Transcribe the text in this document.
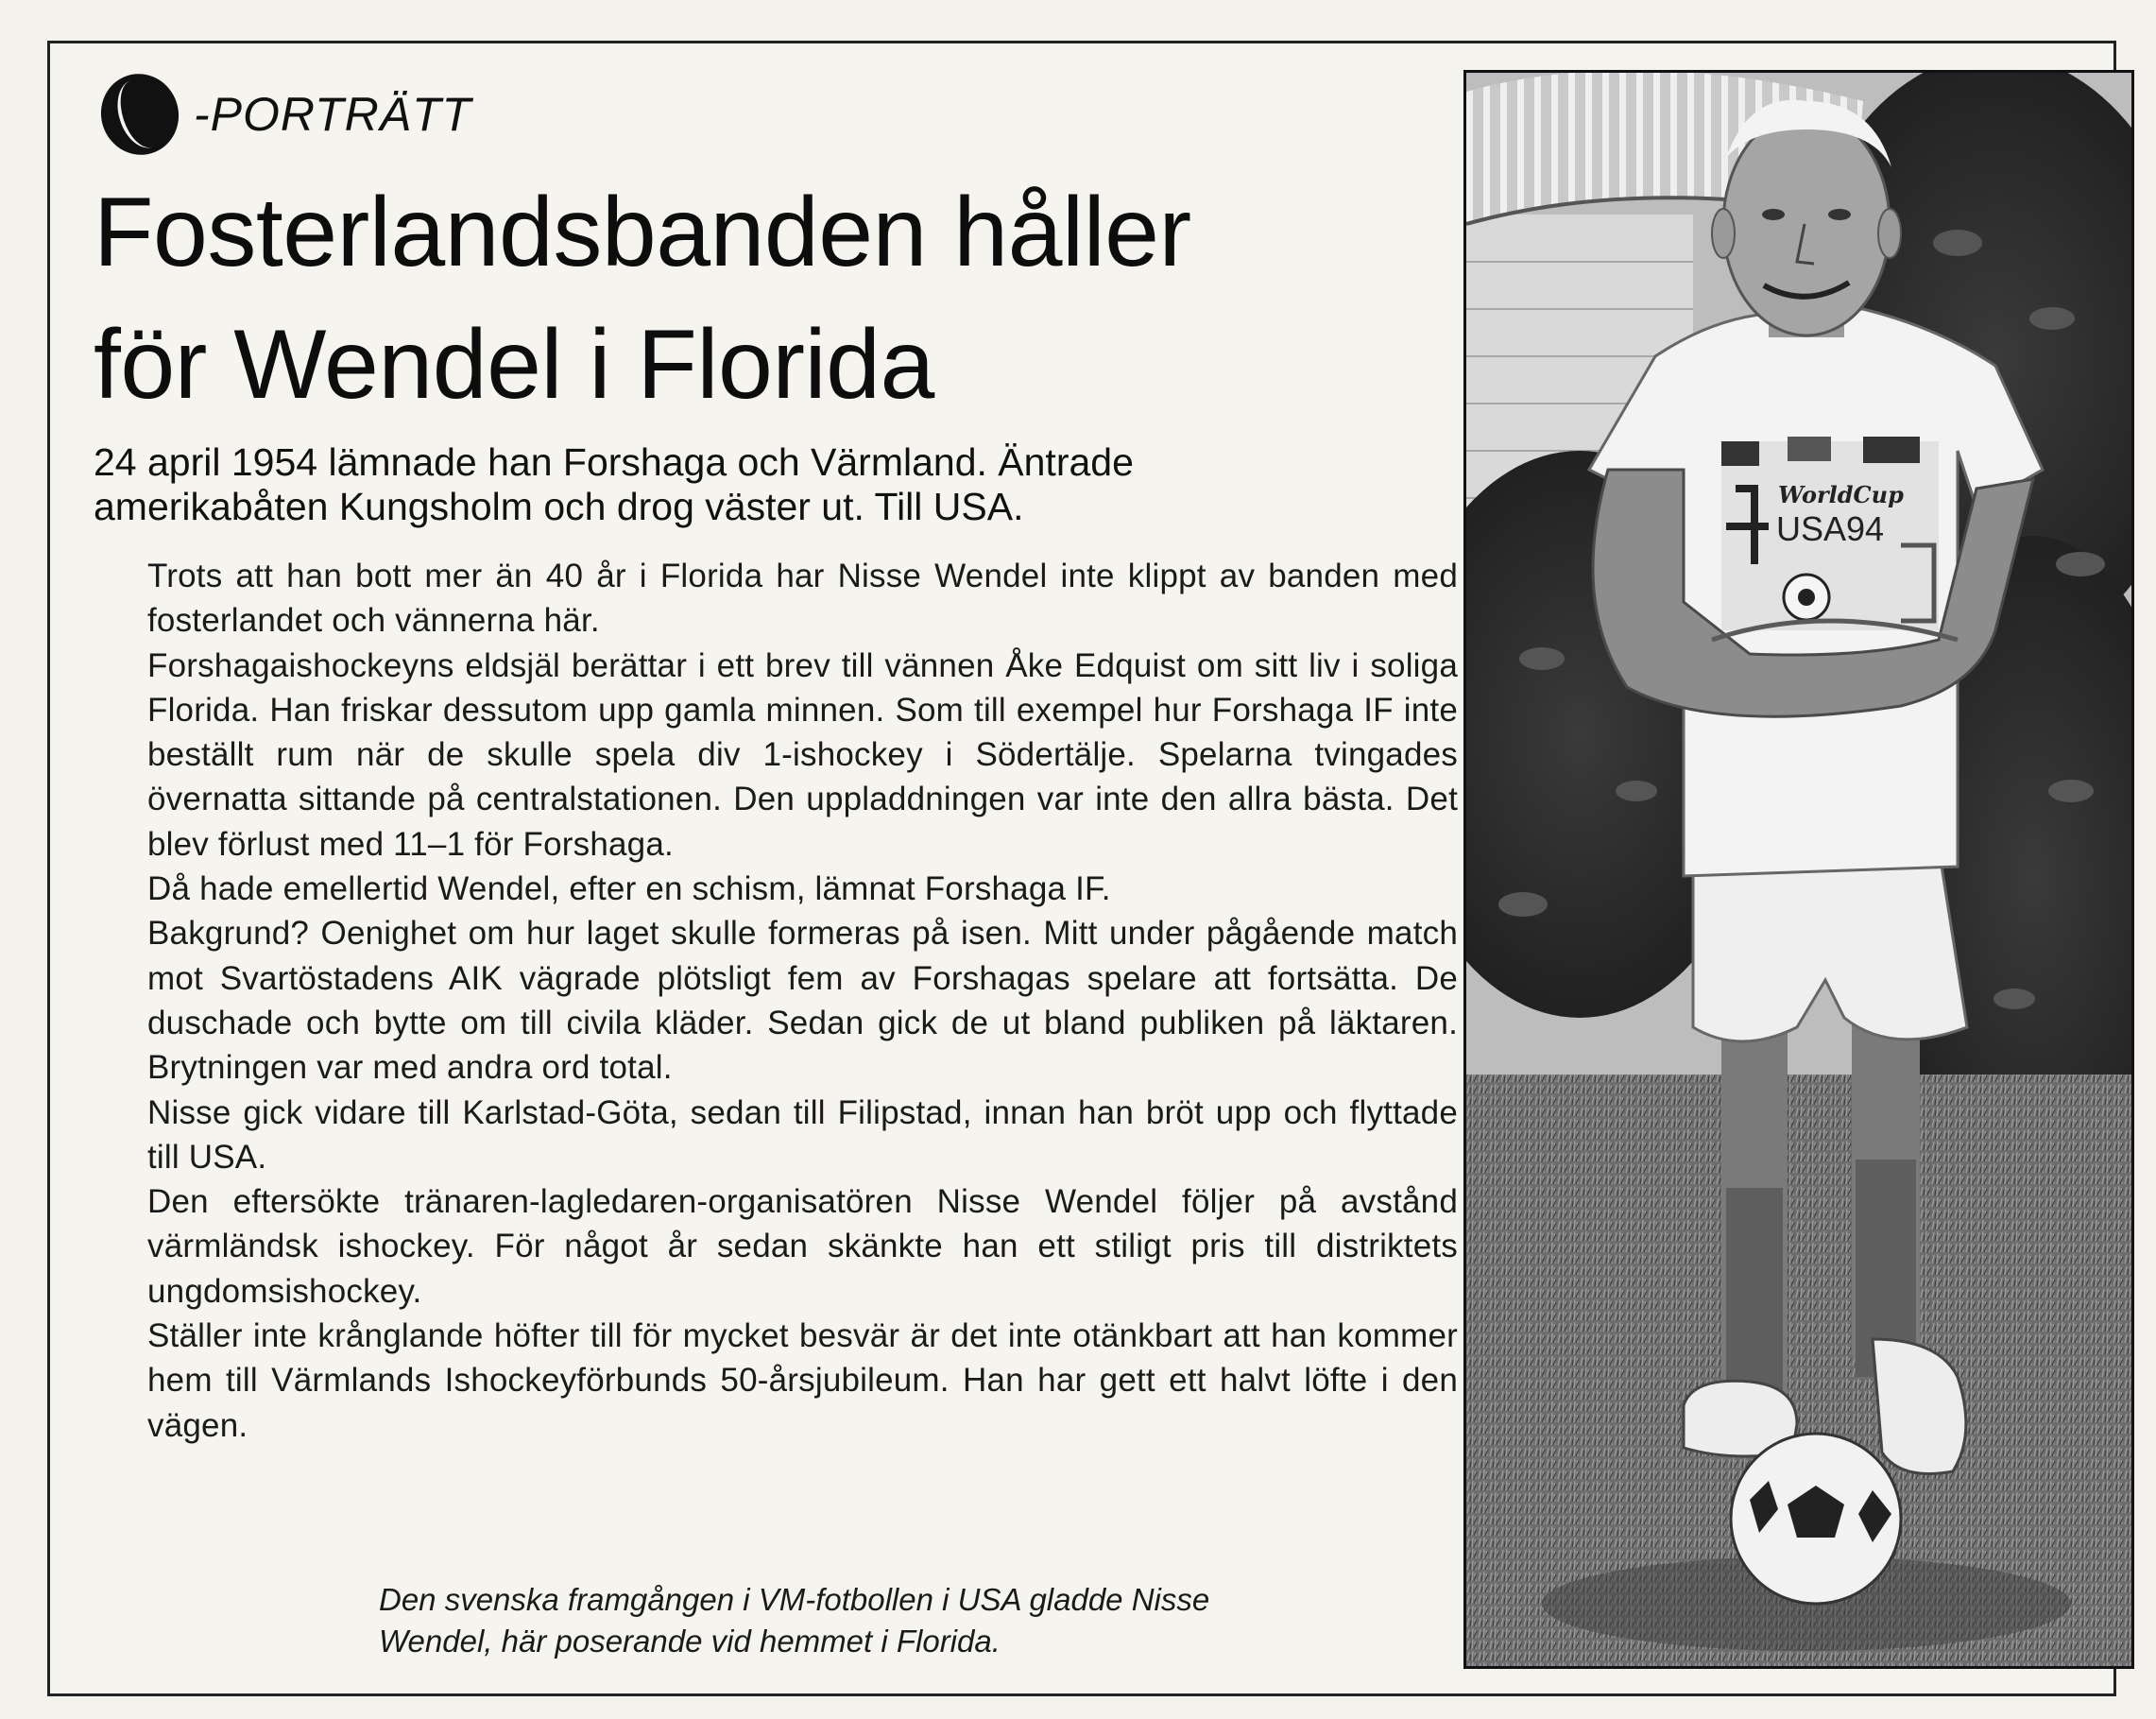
-PORTRÄTT
Fosterlandsbanden håller
för Wendel i Florida
24 april 1954 lämnade han Forshaga och Värmland. Äntrade
amerikabåten Kungsholm och drog väster ut. Till USA.

Trots att han bott mer än 40 år i Florida har Nisse Wendel inte klippt av banden med fosterlandet och vännerna här.

Forshagaishockeyns eldsjäl berättar i ett brev till vännen Åke Edquist om sitt liv i soliga Florida. Han friskar dessutom upp gamla minnen. Som till exempel hur Forshaga IF inte beställt rum när de skulle spela div 1-ishockey i Södertälje. Spelarna tvingades övernatta sittande på centralstationen. Den uppladdningen var inte den allra bästa. Det blev förlust med 11–1 för Forshaga.

Då hade emellertid Wendel, efter en schism, lämnat Forshaga IF.

Bakgrund? Oenighet om hur laget skulle formeras på isen. Mitt under pågående match mot Svartöstadens AIK vägrade plötsligt fem av Forshagas spelare att fortsätta. De duschade och bytte om till civila kläder. Sedan gick de ut bland publiken på läktaren. Brytningen var med andra ord total.

Nisse gick vidare till Karlstad-Göta, sedan till Filipstad, innan han bröt upp och flyttade till USA.

Den eftersökte tränaren-lagledaren-organisatören Nisse Wendel följer på avstånd värmländsk ishockey. För något år sedan skänkte han ett stiligt pris till distriktets ungdomsishockey.

Ställer inte krånglande höfter till för mycket besvär är det inte otänkbart att han kommer hem till Värmlands Ishockeyförbunds 50-årsjubileum. Han har gett ett halvt löfte i den vägen.

Den svenska framgången i VM-fotbollen i USA gladde Nisse
Wendel, här poserande vid hemmet i Florida.
WorldCup
USA94
